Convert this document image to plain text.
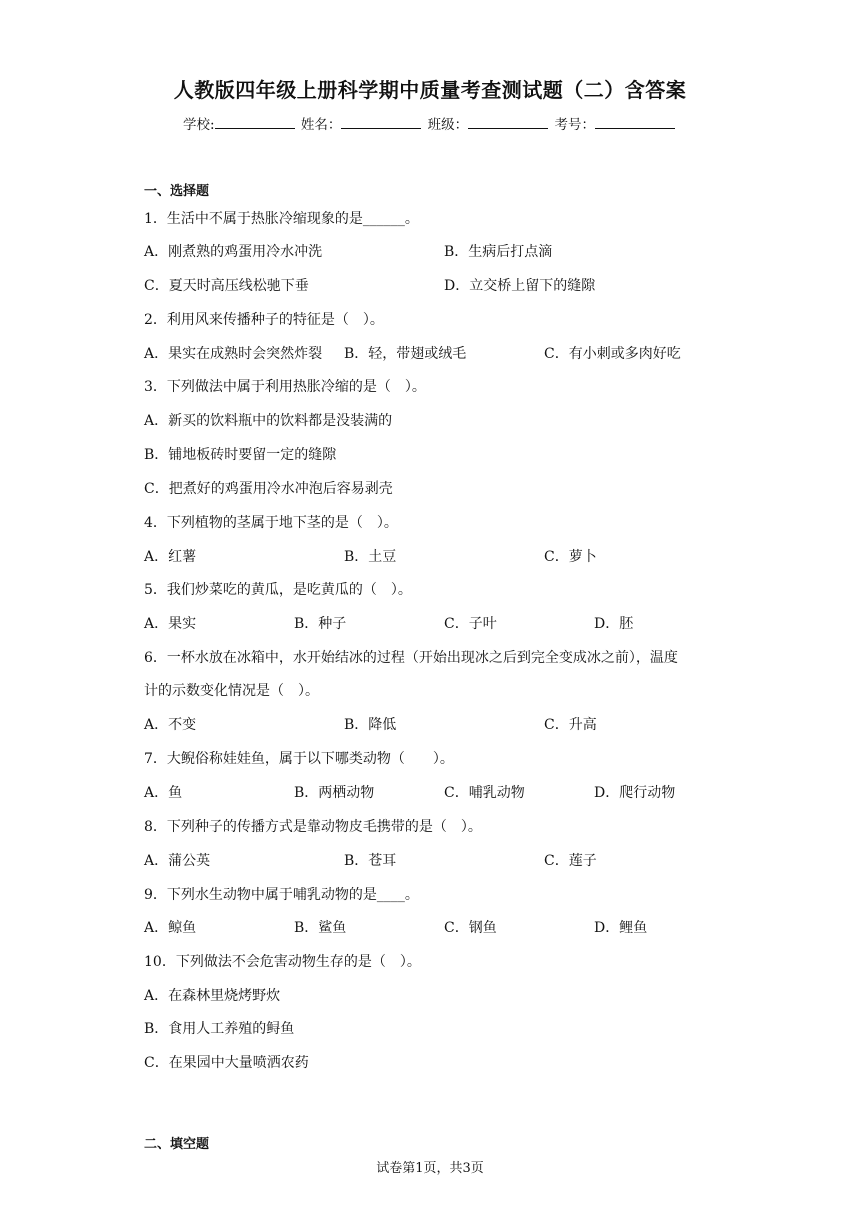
人教版四年级上册科学期中质量考查测试题（二）含答案
学校:	姓名：	班级：	考号：
一、选择题
1．生活中不属于热胀冷缩现象的是______。
A．刚煮熟的鸡蛋用冷水冲洗	B．生病后打点滴
C．夏天时高压线松驰下垂	D．立交桥上留下的缝隙
2．利用风来传播种子的特征是（　）。
A．果实在成熟时会突然炸裂 B．轻，带翅或绒毛	C．有小刺或多肉好吃
3．下列做法中属于利用热胀冷缩的是（　）。
A．新买的饮料瓶中的饮料都是没装满的
B．铺地板砖时要留一定的缝隙
C．把煮好的鸡蛋用冷水冲泡后容易剥壳
4．下列植物的茎属于地下茎的是（　）。
A．红薯	B．土豆	C．萝卜
5．我们炒菜吃的黄瓜，是吃黄瓜的（　）。
A．果实	B．种子	C．子叶	D．胚
6．一杯水放在冰箱中，水开始结冰的过程（开始出现冰之后到完全变成冰之前），温度
计的示数变化情况是（　）。
A．不变	B．降低	C．升高
7．大鲵俗称娃娃鱼，属于以下哪类动物（　　）。
A．鱼	B．两栖动物	C．哺乳动物	D．爬行动物
8．下列种子的传播方式是靠动物皮毛携带的是（　）。
A．蒲公英	B．苍耳	C．莲子
9．下列水生动物中属于哺乳动物的是____。
A．鲸鱼	B．鲨鱼	C．钢鱼	D．鲤鱼
10．下列做法不会危害动物生存的是（　）。
A．在森林里烧烤野炊
B．食用人工养殖的鲟鱼
C．在果园中大量喷洒农药
二、填空题
试卷第1页，共3页
